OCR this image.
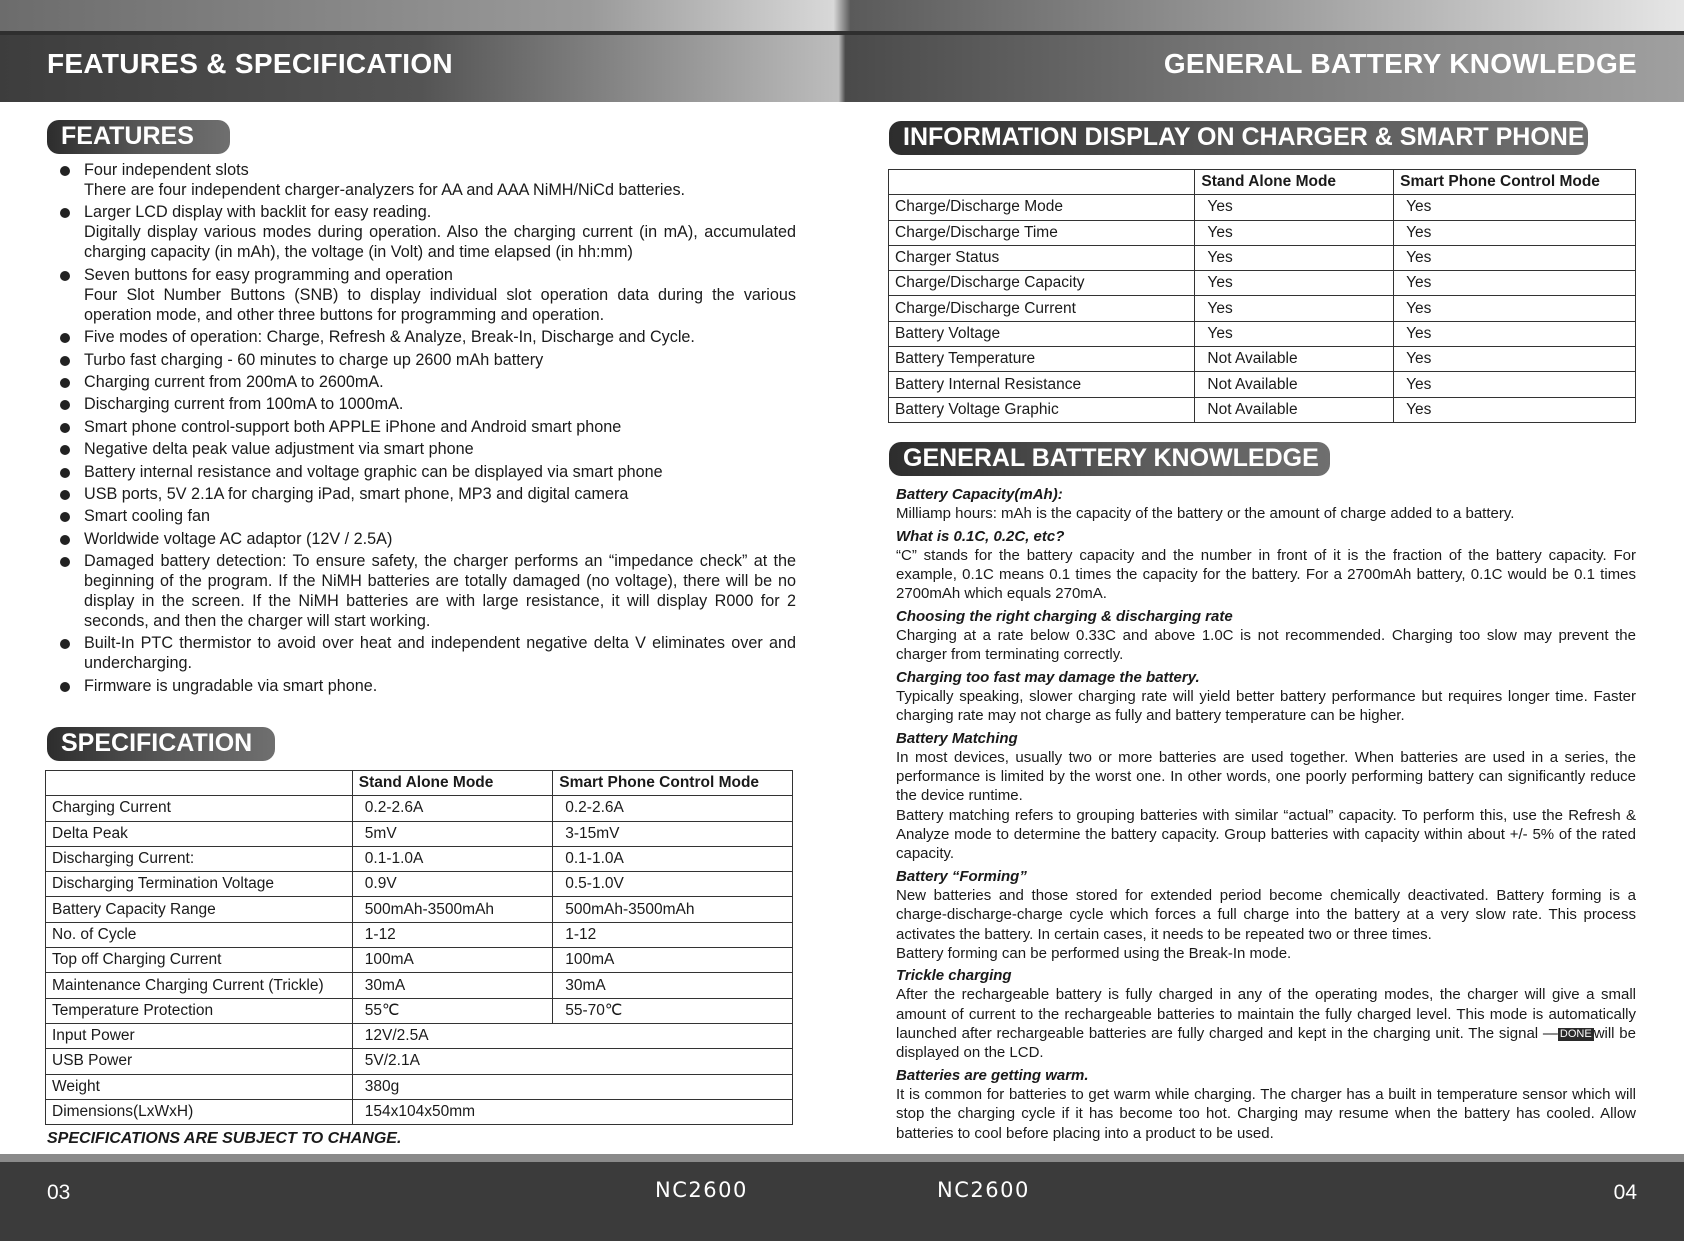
FEATURES & SPECIFICATION	GENERAL BATTERY KNOWLEDGE
FEATURES
Four independent slots
There are four independent charger-analyzers for AA and AAA NiMH/NiCd batteries.
Larger LCD display with backlit for easy reading.
Digitally display various modes during operation. Also the charging current (in mA), accumulated charging capacity (in mAh), the voltage (in Volt) and time elapsed (in hh:mm)
Seven buttons for easy programming and operation
Four Slot Number Buttons (SNB) to display individual slot operation data during the various operation mode, and other three buttons for programming and operation.
Five modes of operation: Charge, Refresh & Analyze, Break-In, Discharge and Cycle.
Turbo fast charging - 60 minutes to charge up 2600 mAh battery
Charging current from 200mA to 2600mA.
Discharging current from 100mA to 1000mA.
Smart phone control-support both APPLE iPhone and Android smart phone
Negative delta peak value adjustment via smart phone
Battery internal resistance and voltage graphic can be displayed via smart phone
USB ports, 5V 2.1A for charging iPad, smart phone, MP3 and digital camera
Smart cooling fan
Worldwide voltage AC adaptor (12V / 2.5A)
Damaged battery detection: To ensure safety, the charger performs an “impedance check” at the beginning of the program. If the NiMH batteries are totally damaged (no voltage), there will be no display in the screen. If the NiMH batteries are with large resistance, it will display R000 for 2 seconds, and then the charger will start working.
Built-In PTC thermistor to avoid over heat and independent negative delta V eliminates over and undercharging.
Firmware is ungradable via smart phone.
SPECIFICATION
	Stand Alone Mode	Smart Phone Control Mode
Charging Current	0.2-2.6A	0.2-2.6A
Delta Peak	5mV	3-15mV
Discharging Current:	0.1-1.0A	0.1-1.0A
Discharging Termination Voltage	0.9V	0.5-1.0V
Battery Capacity Range	500mAh-3500mAh	500mAh-3500mAh
No. of Cycle	1-12	1-12
Top off Charging Current	100mA	100mA
Maintenance Charging Current (Trickle)	30mA	30mA
Temperature Protection	55℃	55-70℃
Input Power	12V/2.5A	
USB Power	5V/2.1A	
Weight	380g	
Dimensions(LxWxH)	154x104x50mm	
SPECIFICATIONS ARE SUBJECT TO CHANGE.
INFORMATION DISPLAY ON CHARGER & SMART PHONE
	Stand Alone Mode	Smart Phone Control Mode
Charge/Discharge Mode	Yes	Yes
Charge/Discharge Time	Yes	Yes
Charger Status	Yes	Yes
Charge/Discharge Capacity	Yes	Yes
Charge/Discharge Current	Yes	Yes
Battery Voltage	Yes	Yes
Battery Temperature	Not Available	Yes
Battery Internal Resistance	Not Available	Yes
Battery Voltage Graphic	Not Available	Yes
GENERAL BATTERY KNOWLEDGE
Battery Capacity(mAh):

Milliamp hours: mAh is the capacity of the battery or the amount of charge added to a battery.

What is 0.1C, 0.2C, etc?

“C” stands for the battery capacity and the number in front of it is the fraction of the battery capacity. For example, 0.1C means 0.1 times the capacity for the battery. For a 2700mAh battery, 0.1C would be 0.1 times 2700mAh which equals 270mA.

Choosing the right charging & discharging rate

Charging at a rate below 0.33C and above 1.0C is not recommended. Charging too slow may prevent the charger from terminating correctly.

Charging too fast may damage the battery.

Typically speaking, slower charging rate will yield better battery performance but requires longer time. Faster charging rate may not charge as fully and battery temperature can be higher.

Battery Matching

In most devices, usually two or more batteries are used together. When batteries are used in a series, the performance is limited by the worst one. In other words, one poorly performing battery can significantly reduce the device runtime.

Battery matching refers to grouping batteries with similar “actual” capacity. To perform this, use the Refresh & Analyze mode to determine the battery capacity. Group batteries with capacity within about +/- 5% of the rated capacity.

Battery “Forming”

New batteries and those stored for extended period become chemically deactivated. Battery forming is a charge-discharge-charge cycle which forces a full charge into the battery at a very slow rate. This process activates the battery. In certain cases, it needs to be repeated two or three times.

Battery forming can be performed using the Break-In mode.

Trickle charging

After the rechargeable battery is fully charged in any of the operating modes, the charger will give a small amount of current to the rechargeable batteries to maintain the fully charged level. This mode is automatically launched after rechargeable batteries are fully charged and kept in the charging unit. The signal — DONE will be displayed on the LCD.

Batteries are getting warm.

It is common for batteries to get warm while charging. The charger has a built in temperature sensor which will stop the charging cycle if it has become too hot. Charging may resume when the battery has cooled. Allow batteries to cool before placing into a product to be used.

03	NC2600	NC2600	04
